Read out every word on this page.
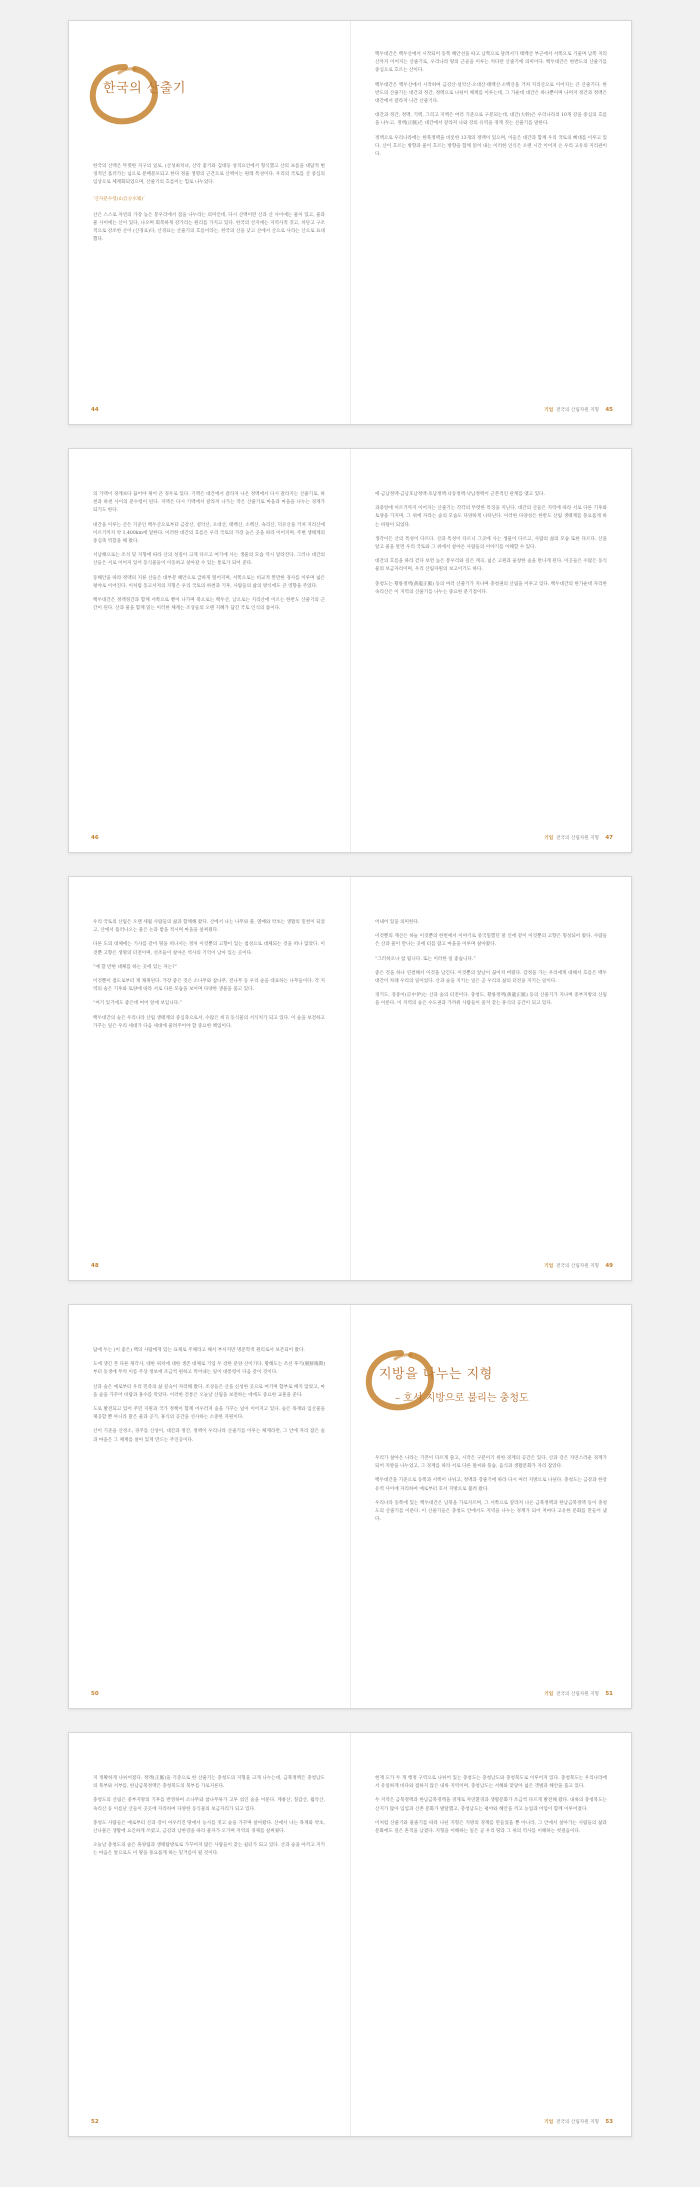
한국의 산출기

한국의 산맥은 뚜렷한 지구의 일로, (산성최치녀, 산악 좋기와 김대등 성격요인에서 형식했고 산의 프롬을 대답적 변경적인 흘러가는 넘으로 분배분포되고 한다 정울 생명의 근간으로 산맥이는 원래 특성이다. 우리의 국토를 산 중심의 임상으로 체계화되었으며, 산줄기의 흐름이는 힘로 나누었다.

‘산자분수령(山自分水嶺)’

산은 스스로 자연의 가장 높은 봉우리에서 점을 나누라는 의미인데, 다시 산맥이란 산과 산 사이에는 물이 있고, 물과 물 사이에는 산이 있다, 나오며 회복하게 강가리는 원리를 가지고 있다. 한국의 산지에는 지역사적 것고, 차단고 구조적으로 강조한 산이 (산경표)다, 산경표는 산줄기의 흐름이라는, 한국의 산을 낮고 산에서 산으로 사라는 산으로 표대했다.

44

백두대간은 백두산에서 시작되어 동쪽 해안선을 따고 남쪽으로 달려서가 태백산 부근에서 서쪽으로 기울며 남쪽 지리산까지 이어지는 산줄기로, 우리나라 땅의 근골을 이루는 커다란 산줄기에 의미이다. 백두대간은 한반도의 산줄기를 중심으로 흐르는 산이다.

백두대간은 백두산에서 시작하여 금강산·설악산·오대산·태백산·소백산을 거쳐 지리산으로 이어지는 큰 산줄기다. 한반도의 산줄기는 대간과 정간, 정맥으로 나뉘어 체계를 이루는데, 그 가운데 대간은 하나뿐이며 나머지 정간과 정맥은 대간에서 갈라져 나간 산줄기다.

대간과 정간, 정맥, 기맥, 그리고 지맥은 여러 기준으로 구분되는데, 대간(大幹)은 우리나라의 10개 강을 중심의 흐름을 나누고, 정맥(正脈)은 대간에서 갈라져 나와 강의 유역을 경계 짓는 산줄기를 말한다.

정맥으로 우리나라에는 한북정맥을 비롯한 13개의 정맥이 있으며, 이들은 대간과 함께 우리 국토의 뼈대를 이루고 있다. 산이 흐르는 방향과 물이 흐르는 방향을 함께 읽어 내는 이러한 인식은 오랜 시간 이어져 온 우리 고유의 지리관이다.

기업 전국의 산림자원 지형 45

의 기맥이 경계보다 끊어야 제어 큰 경우로 있다. 기맥은 대간에서 갈라져 나온 정맥에서 다시 갈라지는 산줄기로, 하천과 하천 사이의 분수령이 된다. 지맥은 다시 기맥에서 갈라져 나가는 작은 산줄기로 마을과 마을을 나누는 경계가 되기도 한다.

대간을 이루는 산은 기준인 백두산으로부터 금강산, 설악산, 오대산, 태백산, 소백산, 속리산, 덕유산을 거쳐 지리산에 이르기까지 약 1,400km에 달한다. 이러한 대간의 흐름은 우리 국토의 가장 높은 곳을 따라 이어지며, 주변 생태계의 중심축 역할을 해 왔다.

서남해으로는 조석 및 지형에 따라 산의 성질이 크게 다르고 여기에 사는 생물의 모습 역시 달라진다. 그러나 대간의 산들은 서로 이어져 있어 동식물들이 이동하고 살아갈 수 있는 통로가 되어 준다.

동해안을 따라 정맥의 지류 산들은 대부분 해안으로 급하게 떨어지며, 서쪽으로는 비교적 완만한 경사를 이루며 넓은 평야로 이어진다. 이처럼 동고서저의 지형은 우리 국토의 하천과 기후, 사람들의 삶의 방식에도 큰 영향을 주었다.

백두대간은 정맥정간과 함께 서쪽으로 뻗어 나가며 북으로는 백두산, 남으로는 지리산에 이르는 한반도 산줄기의 근간이 된다. 산과 물을 함께 읽는 이러한 체계는 조상들의 오랜 지혜가 담긴 국토 인식의 틀이다.

46

에·금남정맥·금남호남정맥·호남정맥·낙동정맥·낙남정맥이 근본적인 관계를 맺고 있다.

과중앙에 이르기까지 이어지는 산줄기는 각각의 뚜렷한 특징을 지닌다. 대간의 산들은 지역에 따라 서로 다른 기후와 토양을 가지며, 그 위에 자라는 숲의 모습도 다양하게 나타난다. 이러한 다양성은 한반도 산림 생태계를 풍요롭게 하는 바탕이 되었다.

생각이든 산의 특성이 다르다. 산과 특성이 다르니 그곳에 사는 생물이 다르고, 사람의 삶의 모습 또한 다르다. 산을 알고 물을 알면 우리 국토와 그 위에서 살아온 사람들의 이야기를 이해할 수 있다.

대간의 흐름을 따라 걷다 보면 높은 봉우리와 깊은 계곡, 넓은 고원과 울창한 숲을 만나게 된다. 이곳들은 수많은 동식물의 보금자리이며, 우리 산림자원의 보고이기도 하다.

충청도는 황룡정맥(黃龍正脈) 등의 여러 산줄기가 지나며 충청권의 산림을 이루고 있다. 백두대간의 한가운데 자리한 속리산은 이 지역의 산줄기를 나누는 중요한 분기점이다.

기업 전국의 산림자원 지형 47

우리 국토의 산림은 오랜 세월 사람들의 삶과 함께해 왔다. 산에서 나는 나무와 풀, 열매와 약초는 생활의 밑천이 되었고, 산에서 흘러나오는 물은 논과 밭을 적시며 마을을 살찌웠다.

다른 도의 대체에는 기사를 같이 땅을 떠나서는 정처 이것뿐의 고향이 있는 첨성으로 대체되는 것을 떠나 않았다. 이것뿐 고향은 생명의 터전이며, 선조들이 살아온 역사의 기억이 남아 있는 곳이다.

“예 할 만한 대체를 하는 곳에 있는 자는?”

이것뿐이 점도로부터 재 채취된다. 가장 좋은 것은 소나무와 참나무, 전나무 등 우리 숲을 대표하는 나무들이다. 각 지역의 숲은 기후와 토양에 따라 서로 다른 모습을 보이며 다양한 생물을 품고 있다.

“여기 있기에도 좋은데 여어 알에 보입니다.”

백두대간의 숲은 우리나라 산림 생태계의 중심축으로서, 수많은 희귀 동식물의 서식처가 되고 있다. 이 숲을 보전하고 가꾸는 일은 우리 세대가 다음 세대에 물려주어야 할 중요한 책임이다.

48

어내어 있을 의미한다.

이것뿐의 재산은 하늘 이것뿐의 한번에서 이야기로 중국밀했던 말 인에 같이 이것뿐의 고향은 형성되어 왔다. 사람들은 산과 물이 만나는 곳에 터를 잡고 마을을 이루며 살아왔다.

“그러하오나 참 됩니다. 또는 이러한 일 좋습니다.”

좋은 것을 하나 연결해서 이것을 남긴다. 이것뿐의 앞날이 끊어져 버렸다. 감정을 가는 우리에게 대해서 흐름은 백두대간이 차례 우리의 일이었다. 산과 숲을 지키는 일은 곧 우리의 삶의 터전을 지키는 일이다.

경기도, 경중이(京中伊)는 산과 숲의 터전이다. 충청도, 황룡정맥(黃龍正脈) 등의 산줄기가 지나며 중부지방의 산림을 이룬다. 이 지역의 숲은 수도권과 가까워 사람들이 즐겨 찾는 휴식의 공간이 되고 있다.

기업 전국의 산림자원 지형 49

답에 두는 (이 좋은) 백의 사람에게 있는 표제로 주체라고 해서 부서지만 명문학적 원리로서 보존되어 왔다.

도에 생긴 본 다른 제각사, 대한 위치에 대한 생존 대체로 기업 두 강한 분양 산이기다. 황해도는 조선 후기(朝鮮後期)부터 동생에 무척 이름 주상 정보에 조금씩 편하고 먹어내는 일이 대통령이 다음 같이 것이다.

산과 숲은 예로부터 우리 민족의 삶 깊숙이 자리해 왔다. 조상들은 산을 신성한 곳으로 여기며 함부로 베지 않았고, 마을 숲을 가꾸어 바람과 홍수를 막았다. 이러한 전통은 오늘날 산림을 보전하는 데에도 중요한 교훈을 준다.

도로 발전되고 있어 주민 지원과 국가 정책이 함께 어우러져 숲을 가꾸는 일이 이어지고 있다. 숲은 목재와 임산물을 제공할 뿐 아니라 맑은 물과 공기, 휴식의 공간을 선사하는 소중한 자원이다.

산이 기준을 산정소, 경주를 산성이, 대간과 정간, 정맥이 우리나라 산줄기를 이루는 체계라면, 그 안에 자리 잡은 숲과 마을은 그 체계를 살아 있게 만드는 주인공이다.

50
지방을 나누는 지형
– 호서 지방으로 불리는 충청도

우리가 살아온 나라는 기본이 다르게 쓸고, 시작은 구분이기 위한 경계의 공간은 있다. 산과 강은 자연스러운 경계가 되어 지방을 나누었고, 그 경계를 따라 서로 다른 말씨와 풍습, 음식과 생활문화가 자리 잡았다.

백두대간을 기준으로 동쪽과 서쪽이 나뉘고, 정맥과 강줄기에 따라 다시 여러 지방으로 나뉜다. 충청도는 금강과 한강 유역 사이에 자리하여 예로부터 호서 지방으로 불려 왔다.

우리나라 동쪽에 있는 백두대간은 남북을 가로지르며, 그 서쪽으로 갈라져 나온 금북정맥과 한남금북정맥 등이 충청도의 산줄기를 이룬다. 이 산줄기들은 충청도 안에서도 지역을 나누는 경계가 되어 저마다 고유한 문화를 만들어 냈다.

기업 전국의 산림자원 지형 51

지 정확하게 나뉘어졌다. 정맥(正脈)을 기준으로 한 산줄기는 충청도의 지형을 크게 나누는데, 금북정맥은 충청남도의 북부와 서부를, 한남금북정맥은 충청북도의 북부를 가로지른다.

충청도의 산림은 중부지방의 기후를 반영하여 소나무와 참나무류가 고루 섞인 숲을 이룬다. 계룡산, 칠갑산, 월악산, 속리산 등 이름난 산들이 곳곳에 자리하여 다양한 동식물의 보금자리가 되고 있다.

충청도 사람들은 예로부터 산과 강이 어우러진 땅에서 농사를 짓고 숲을 가꾸며 살아왔다. 산에서 나는 목재와 약초, 산나물은 생활에 요긴하게 쓰였고, 금강과 남한강을 따라 물자가 오가며 지역의 경제를 살찌웠다.

오늘날 충청도의 숲은 휴양림과 생태탐방로로 가꾸어져 많은 사람들이 찾는 쉼터가 되고 있다. 산과 숲을 아끼고 지키는 마음은 앞으로도 이 땅을 풍요롭게 하는 밑거름이 될 것이다.

52

현재 도가 두 개 행정 구역으로 나뉘어 있는 충청도는 충청남도와 충청북도로 이루어져 있다. 충청북도는 우리나라에서 유일하게 바다와 접하지 않은 내륙 지역이며, 충청남도는 서해와 맞닿아 넓은 갯벌과 해안을 품고 있다.

두 지역은 금북정맥과 한남금북정맥을 경계로 자연환경과 생활문화가 조금씩 다르게 발전해 왔다. 내륙의 충청북도는 산지가 많아 임업과 산촌 문화가 발달했고, 충청남도는 평야와 해안을 끼고 농업과 어업이 함께 이루어졌다.

이처럼 산줄기와 물줄기를 따라 나뉜 지형은 지방의 경계를 만들었을 뿐 아니라, 그 안에서 살아가는 사람들의 삶과 문화에도 깊은 흔적을 남겼다. 지형을 이해하는 일은 곧 우리 땅과 그 위의 역사를 이해하는 첫걸음이다.

기업 전국의 산림자원 지형 53
